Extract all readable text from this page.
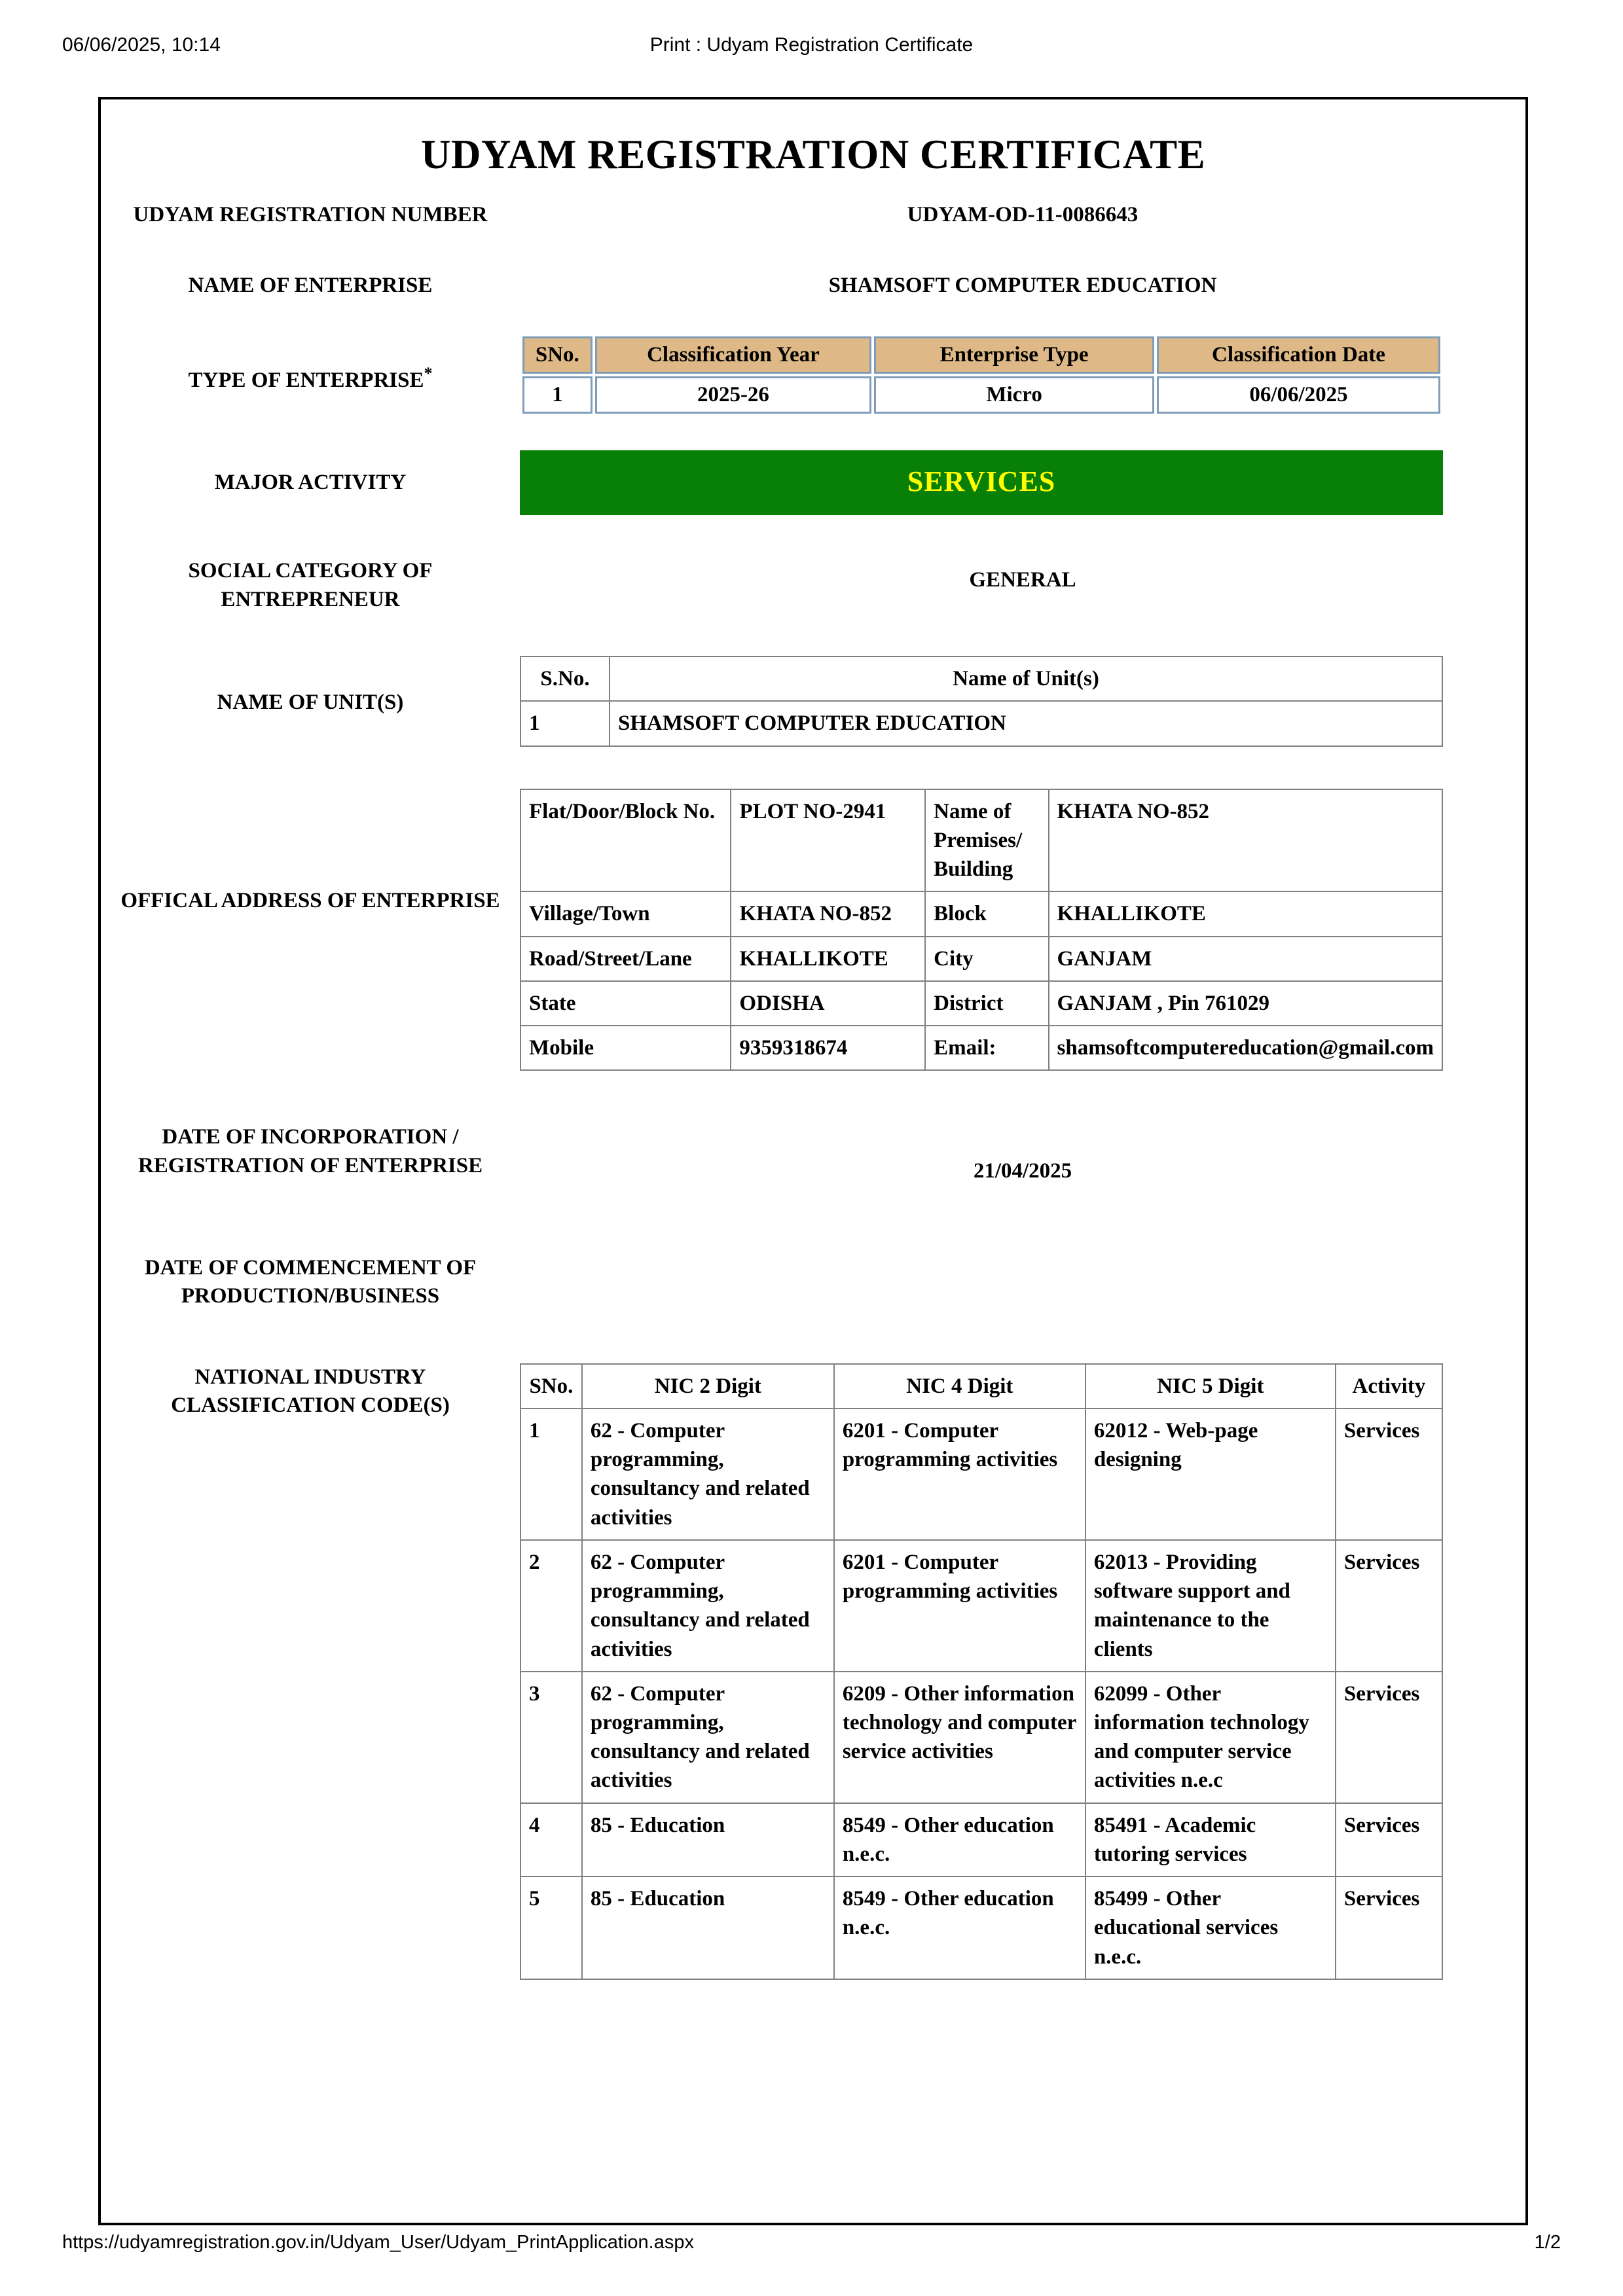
06/06/2025, 10:14	Print : Udyam Registration Certificate
UDYAM REGISTRATION CERTIFICATE
UDYAM REGISTRATION NUMBER	UDYAM-OD-11-0086643
NAME OF ENTERPRISE	SHAMSOFT COMPUTER EDUCATION
TYPE OF ENTERPRISE*
SNo.	Classification Year	Enterprise Type	Classification Date
1	2025-26	Micro	06/06/2025
MAJOR ACTIVITY	SERVICES
SOCIAL CATEGORY OF ENTREPRENEUR
GENERAL
NAME OF UNIT(S)
S.No.	Name of Unit(s)
1	SHAMSOFT COMPUTER EDUCATION
OFFICAL ADDRESS OF ENTERPRISE
Flat/Door/Block No.	PLOT NO-2941	Name of Premises/ Building	KHATA NO-852
Village/Town	KHATA NO-852	Block	KHALLIKOTE
Road/Street/Lane	KHALLIKOTE	City	GANJAM
State	ODISHA	District	GANJAM , Pin 761029
Mobile	9359318674	Email:	shamsoftcomputereducation@gmail.com
DATE OF INCORPORATION / REGISTRATION OF ENTERPRISE	21/04/2025
DATE OF COMMENCEMENT OF PRODUCTION/BUSINESS
NATIONAL INDUSTRY CLASSIFICATION CODE(S)
SNo.	NIC 2 Digit	NIC 4 Digit	NIC 5 Digit	Activity
1	62 - Computer programming, consultancy and related activities	6201 - Computer programming activities	62012 - Web-page designing	Services
2	62 - Computer programming, consultancy and related activities	6201 - Computer programming activities	62013 - Providing software support and maintenance to the clients	Services
3	62 - Computer programming, consultancy and related activities	6209 - Other information technology and computer service activities	62099 - Other information technology and computer service activities n.e.c	Services
4	85 - Education	8549 - Other education n.e.c.	85491 - Academic tutoring services	Services
5	85 - Education	8549 - Other education n.e.c.	85499 - Other educational services n.e.c.	Services
https://udyamregistration.gov.in/Udyam_User/Udyam_PrintApplication.aspx	1/2
